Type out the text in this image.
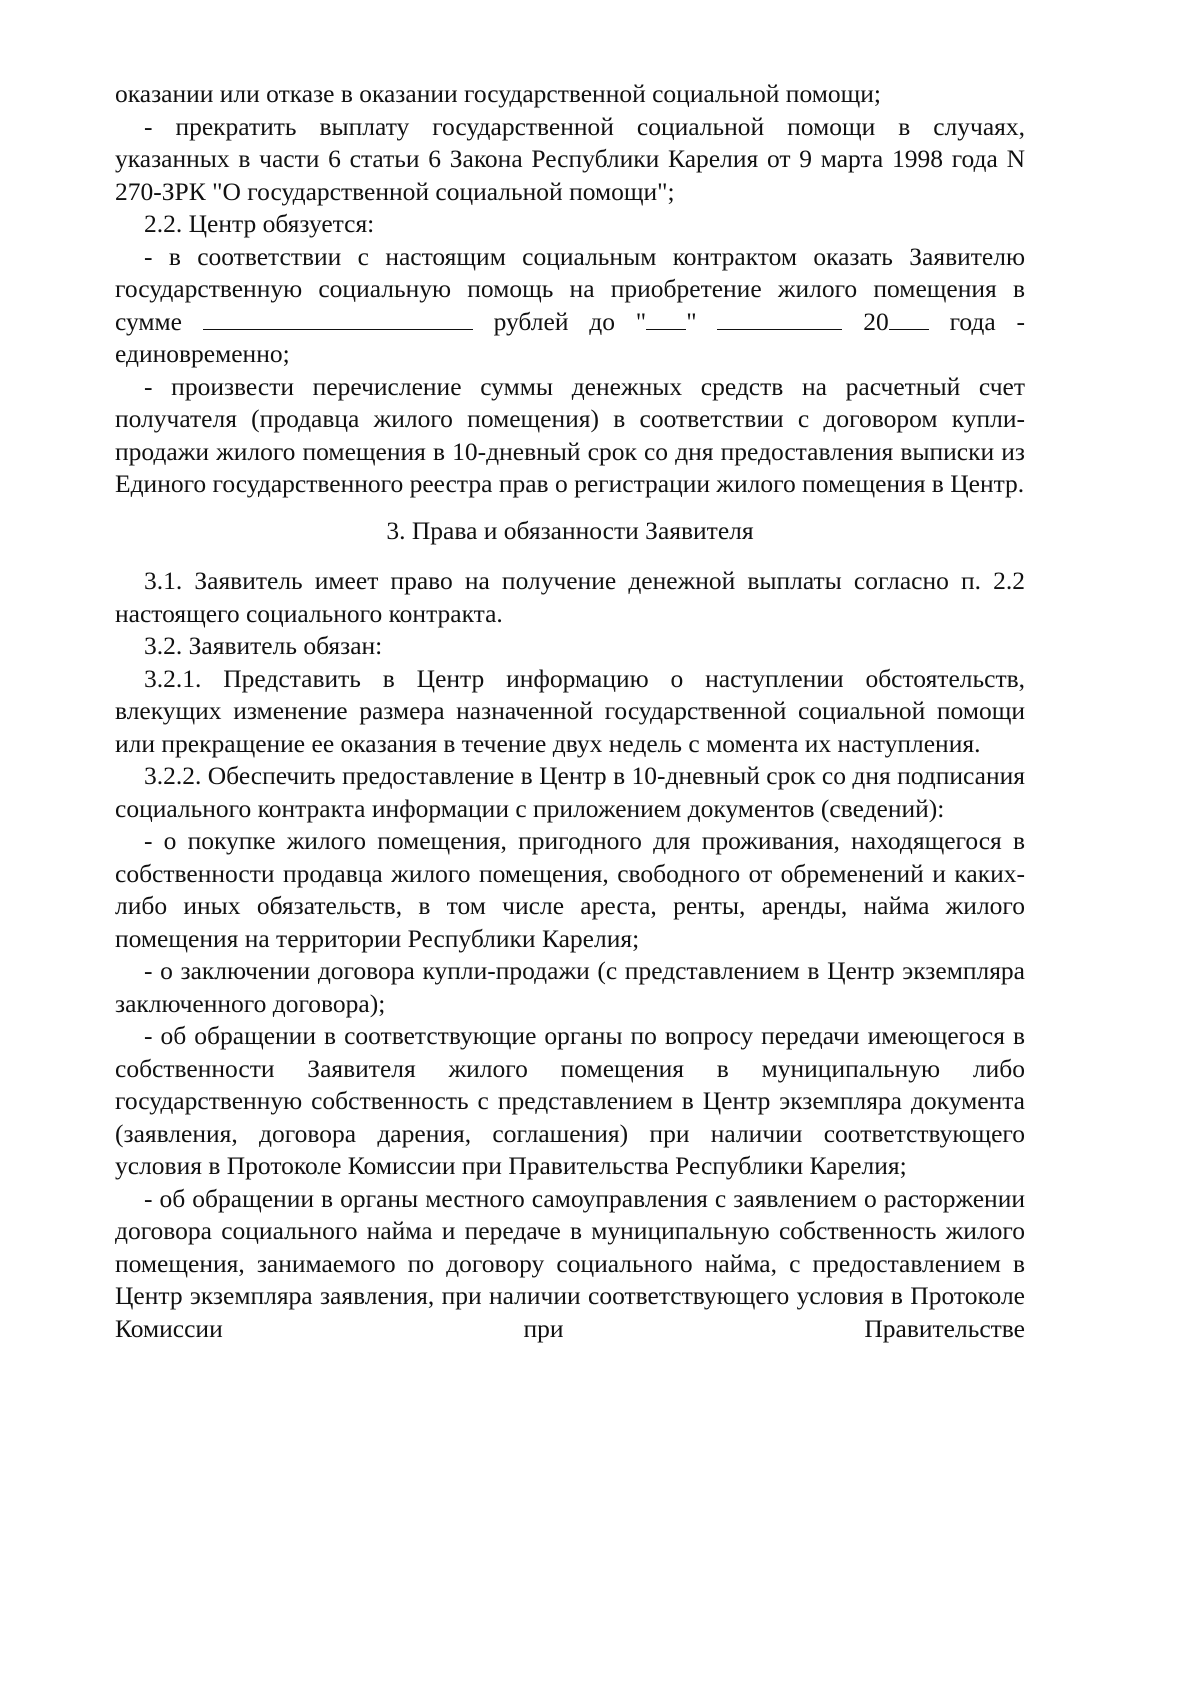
оказании или отказе в оказании государственной социальной помощи;

- прекратить выплату государственной социальной помощи в случаях, указанных в части 6 статьи 6 Закона Республики Карелия от 9 марта 1998 года N 270-ЗРК "О государственной социальной помощи";

2.2. Центр обязуется:

- в соответствии с настоящим социальным контрактом оказать Заявителю государственную социальную помощь на приобретение жилого помещения в сумме	рублей до " "	20 года - единовременно;

- произвести перечисление суммы денежных средств на расчетный счет получателя (продавца жилого помещения) в соответствии с договором купли-продажи жилого помещения в 10-дневный срок со дня предоставления выписки из Единого государственного реестра прав о регистрации жилого помещения в Центр.

3. Права и обязанности Заявителя

3.1. Заявитель имеет право на получение денежной выплаты согласно п. 2.2 настоящего социального контракта.

3.2. Заявитель обязан:

3.2.1. Представить в Центр информацию о наступлении обстоятельств, влекущих изменение размера назначенной государственной социальной помощи или прекращение ее оказания в течение двух недель с момента их наступления.

3.2.2. Обеспечить предоставление в Центр в 10-дневный срок со дня подписания социального контракта информации с приложением документов (сведений):

- о покупке жилого помещения, пригодного для проживания, находящегося в собственности продавца жилого помещения, свободного от обременений и каких-либо иных обязательств, в том числе ареста, ренты, аренды, найма жилого помещения на территории Республики Карелия;

- о заключении договора купли-продажи (с представлением в Центр экземпляра заключенного договора);

- об обращении в соответствующие органы по вопросу передачи имеющегося в собственности Заявителя жилого помещения в муниципальную либо государственную собственность с представлением в Центр экземпляра документа (заявления, договора дарения, соглашения) при наличии соответствующего условия в Протоколе Комиссии при Правительства Республики Карелия;

- об обращении в органы местного самоуправления с заявлением о расторжении договора социального найма и передаче в муниципальную собственность жилого помещения, занимаемого по договору социального найма, с предоставлением в Центр экземпляра заявления, при наличии соответствующего условия в Протоколе Комиссии при Правительстве
